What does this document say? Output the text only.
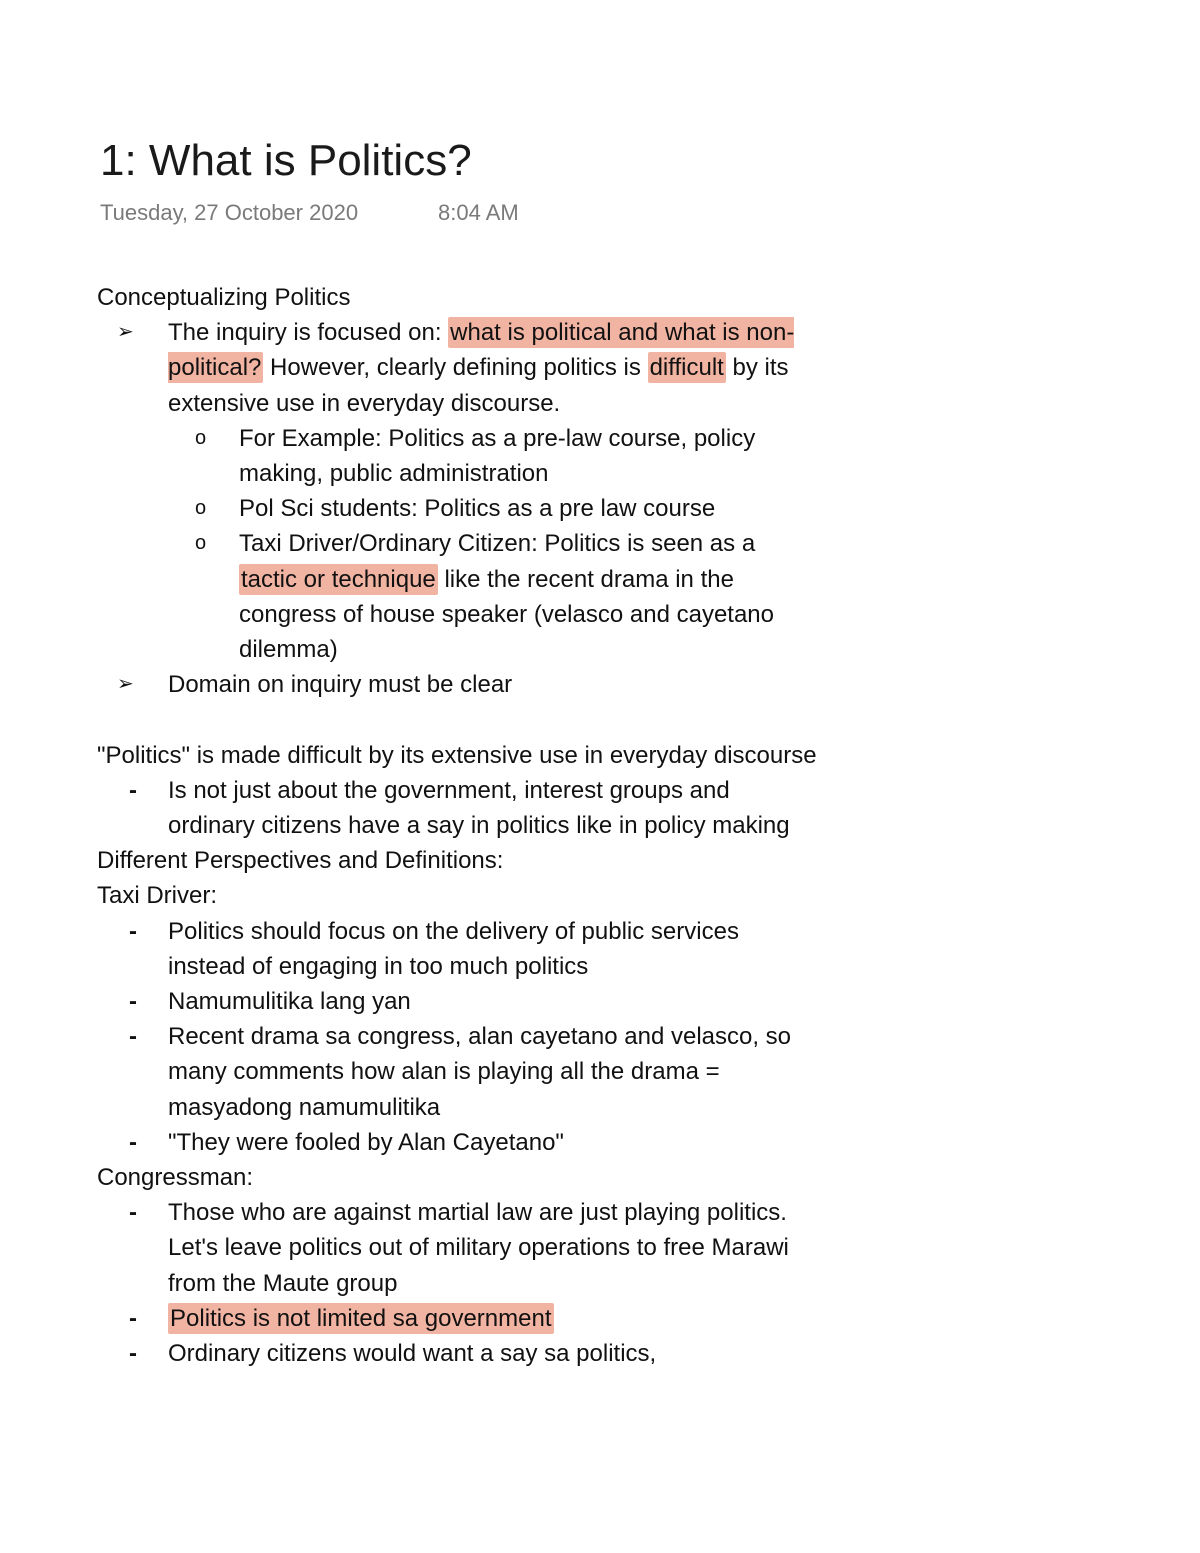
1: What is Politics?
Tuesday, 27 October 2020	8:04 AM

Conceptualizing Politics

➢ The inquiry is focused on: what is political and what is non-political? However, clearly defining politics is difficult by its extensive use in everyday discourse.
o For Example: Politics as a pre-law course, policy making, public administration
o Pol Sci students: Politics as a pre law course
o Taxi Driver/Ordinary Citizen: Politics is seen as a tactic or technique like the recent drama in the congress of house speaker (velasco and cayetano dilemma)
➢ Domain on inquiry must be clear

"Politics" is made difficult by its extensive use in everyday discourse

- Is not just about the government, interest groups and ordinary citizens have a say in politics like in policy making

Different Perspectives and Definitions:

Taxi Driver:

- Politics should focus on the delivery of public services instead of engaging in too much politics
- Namumulitika lang yan
- Recent drama sa congress, alan cayetano and velasco, so many comments how alan is playing all the drama = masyadong namumulitika
- "They were fooled by Alan Cayetano"

Congressman:

- Those who are against martial law are just playing politics. Let's leave politics out of military operations to free Marawi from the Maute group
- Politics is not limited sa government
- Ordinary citizens would want a say sa politics,
